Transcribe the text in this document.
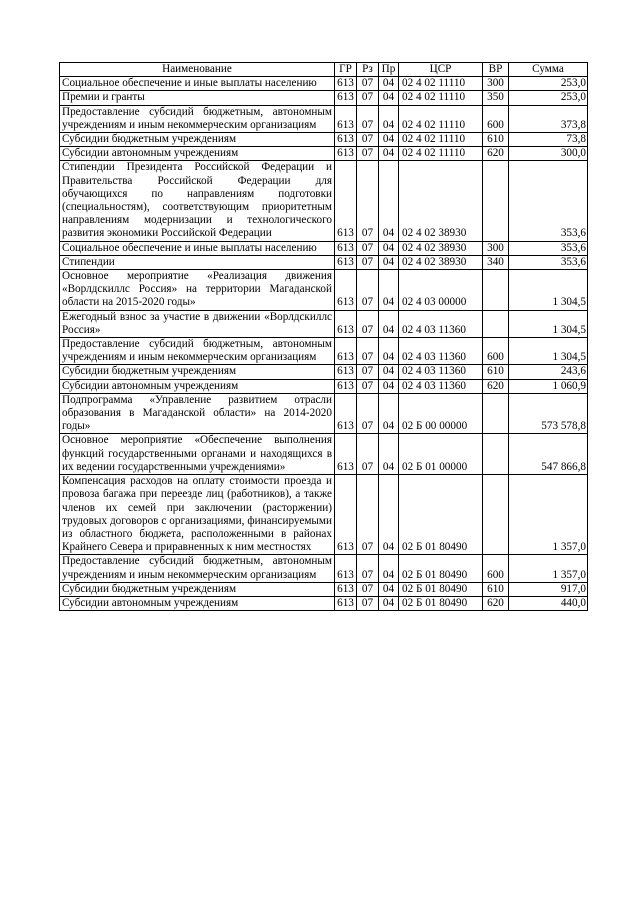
Наименование	ГР	Рз	Пр	ЦСР	ВР	Сумма
Социальное обеспечение и иные выплаты населению	613	07	04	02 4 02 11110	300	253,0
Премии и гранты	613	07	04	02 4 02 11110	350	253,0
Предоставление субсидий бюджетным, автономным учреждениям и иным некоммерческим организациям	613	07	04	02 4 02 11110	600	373,8
Субсидии бюджетным учреждениям	613	07	04	02 4 02 11110	610	73,8
Субсидии автономным учреждениям	613	07	04	02 4 02 11110	620	300,0
Стипендии Президента Российской Федерации и Правительства Российской Федерации для обучающихся по направлениям подготовки (специальностям), соответствующим приоритетным направлениям модернизации и технологического развития экономики Российской Федерации	613	07	04	02 4 02 38930		353,6
Социальное обеспечение и иные выплаты населению	613	07	04	02 4 02 38930	300	353,6
Стипендии	613	07	04	02 4 02 38930	340	353,6
Основное мероприятие «Реализация движения «Ворлдскиллс Россия» на территории Магаданской области на 2015-2020 годы»	613	07	04	02 4 03 00000		1 304,5
Ежегодный взнос за участие в движении «Ворлдскиллс Россия»	613	07	04	02 4 03 11360		1 304,5
Предоставление субсидий бюджетным, автономным учреждениям и иным некоммерческим организациям	613	07	04	02 4 03 11360	600	1 304,5
Субсидии бюджетным учреждениям	613	07	04	02 4 03 11360	610	243,6
Субсидии автономным учреждениям	613	07	04	02 4 03 11360	620	1 060,9
Подпрограмма «Управление развитием отрасли образования в Магаданской области» на 2014-2020 годы»	613	07	04	02 Б 00 00000		573 578,8
Основное мероприятие «Обеспечение выполнения функций государственными органами и находящихся в их ведении государственными учреждениями»	613	07	04	02 Б 01 00000		547 866,8
Компенсация расходов на оплату стоимости проезда и провоза багажа при переезде лиц (работников), а также членов их семей при заключении (расторжении) трудовых договоров с организациями, финансируемыми из областного бюджета, расположенными в районах Крайнего Севера и приравненных к ним местностях	613	07	04	02 Б 01 80490		1 357,0
Предоставление субсидий бюджетным, автономным учреждениям и иным некоммерческим организациям	613	07	04	02 Б 01 80490	600	1 357,0
Субсидии бюджетным учреждениям	613	07	04	02 Б 01 80490	610	917,0
Субсидии автономным учреждениям	613	07	04	02 Б 01 80490	620	440,0
